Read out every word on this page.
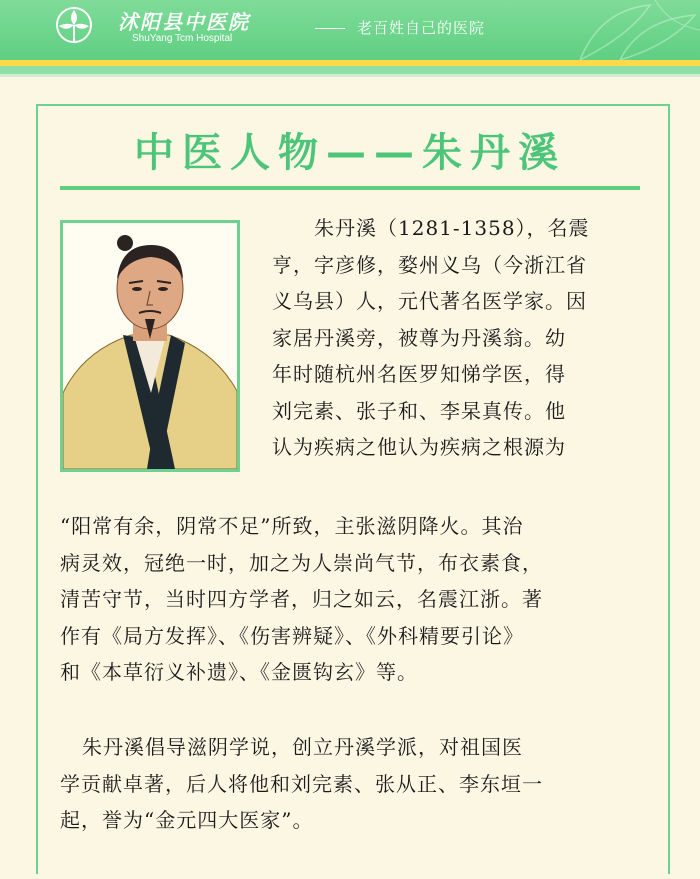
沭阳县中医院
ShuYang Tcm Hospital
老百姓自己的医院
中医人物——朱丹溪
朱丹溪（1281-1358），名震
亨，字彦修，婺州义乌（今浙江省
义乌县）人，元代著名医学家。因
家居丹溪旁，被尊为丹溪翁。幼
年时随杭州名医罗知悌学医，得
刘完素、张子和、李杲真传。他
认为疾病之他认为疾病之根源为
“阳常有余，阴常不足”所致，主张滋阴降火。其治
病灵效，冠绝一时，加之为人崇尚气节，布衣素食，
清苦守节，当时四方学者，归之如云，名震江浙。著
作有《局方发挥》、《伤害辨疑》、《外科精要引论》
和《本草衍义补遗》、《金匮钩玄》等。
朱丹溪倡导滋阴学说，创立丹溪学派，对祖国医
学贡献卓著，后人将他和刘完素、张从正、李东垣一
起，誉为“金元四大医家”。
